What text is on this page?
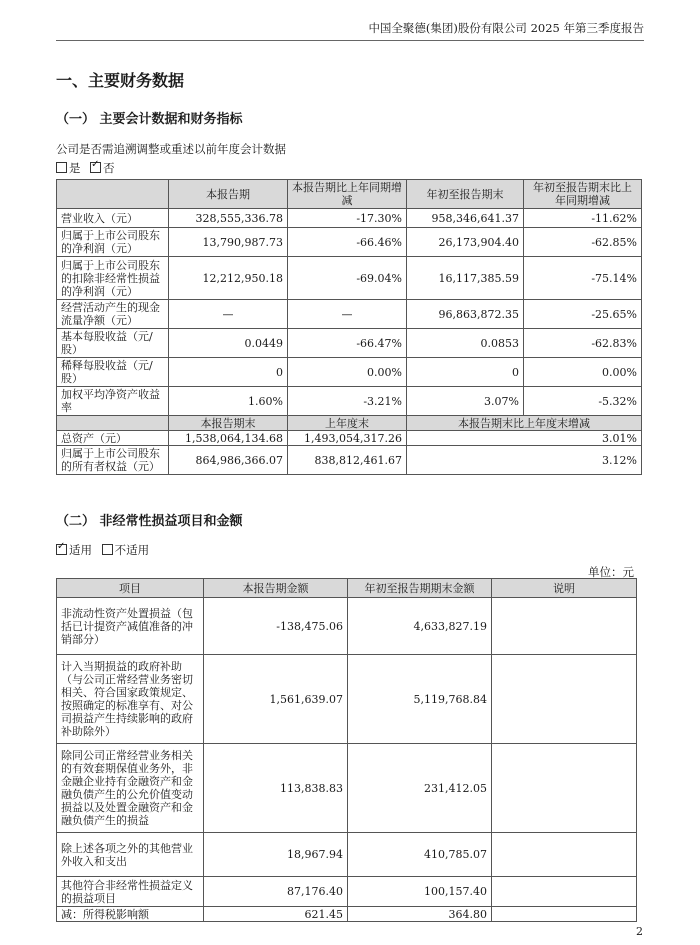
中国全聚德(集团)股份有限公司 2025 年第三季度报告
一、主要财务数据
（一） 主要会计数据和财务指标
公司是否需追溯调整或重述以前年度会计数据
是 ✓ 否
	本报告期	本报告期比上年同期增减	年初至报告期末	年初至报告期末比上年同期增减
营业收入（元）	328,555,336.78	-17.30%	958,346,641.37	-11.62%
归属于上市公司股东的净利润（元）	13,790,987.73	-66.46%	26,173,904.40	-62.85%
归属于上市公司股东的扣除非经常性损益的净利润（元）	12,212,950.18	-69.04%	16,117,385.59	-75.14%
经营活动产生的现金流量净额（元）	—	—	96,863,872.35	-25.65%
基本每股收益（元/股）	0.0449	-66.47%	0.0853	-62.83%
稀释每股收益（元/股）	0	0.00%	0	0.00%
加权平均净资产收益率	1.60%	-3.21%	3.07%	-5.32%
	本报告期末	上年度末	本报告期末比上年度末增减	
总资产（元）	1,538,064,134.68	1,493,054,317.26	3.01%	
归属于上市公司股东的所有者权益（元）	864,986,366.07	838,812,461.67	3.12%	
（二） 非经常性损益项目和金额
✓适用 不适用
单位：元
项目	本报告期金额	年初至报告期期末金额	说明
非流动性资产处置损益（包括已计提资产减值准备的冲销部分）	-138,475.06	4,633,827.19	
计入当期损益的政府补助（与公司正常经营业务密切相关、符合国家政策规定、按照确定的标准享有、对公司损益产生持续影响的政府补助除外）	1,561,639.07	5,119,768.84	
除同公司正常经营业务相关的有效套期保值业务外，非金融企业持有金融资产和金融负债产生的公允价值变动损益以及处置金融资产和金融负债产生的损益	113,838.83	231,412.05	
除上述各项之外的其他营业外收入和支出	18,967.94	410,785.07	
其他符合非经常性损益定义的损益项目	87,176.40	100,157.40	
减：所得税影响额	621.45	364.80	
2
